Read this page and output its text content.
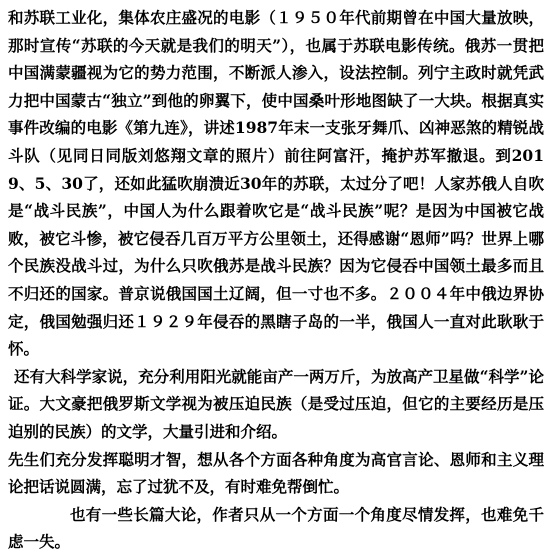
和苏联工业化，集体农庄盛况的电影（１９５０年代前期曾在中国大量放映，那时宣传“苏联的今天就是我们的明天”），也属于苏联电影传统。俄苏一贯把中国满蒙疆视为它的势力范围，不断派人渗入，设法控制。列宁主政时就凭武力把中国蒙古“独立”到他的卵翼下，使中国桑叶形地图缺了一大块。根据真实事件改编的电影《第九连》，讲述1987年末一支张牙舞爪、凶神恶煞的精锐战斗队（见同日同版刘悠翔文章的照片）前往阿富汗，掩护苏军撤退。到2019、5、30了，还如此猛吹崩溃近30年的苏联，太过分了吧！人家苏俄人自吹是“战斗民族”，中国人为什么跟着吹它是“战斗民族”呢？是因为中国被它战败，被它斗惨，被它侵吞几百万平方公里领土，还得感谢“恩师”吗？世界上哪个民族没战斗过，为什么只吹俄苏是战斗民族？因为它侵吞中国领土最多而且不归还的国家。普京说俄国国土辽阔，但一寸也不多。２００４年中俄边界协定，俄国勉强归还１９２９年侵吞的黑瞎子岛的一半，俄国人一直对此耿耿于怀。

还有大科学家说，充分利用阳光就能亩产一两万斤，为放高产卫星做“科学”论证。大文豪把俄罗斯文学视为被压迫民族（是受过压迫，但它的主要经历是压迫别的民族）的文学，大量引进和介绍。

先生们充分发挥聪明才智，想从各个方面各种角度为高官言论、恩师和主义理论把话说圆满，忘了过犹不及，有时难免帮倒忙。

也有一些长篇大论，作者只从一个方面一个角度尽情发挥，也难免千虑一失。
